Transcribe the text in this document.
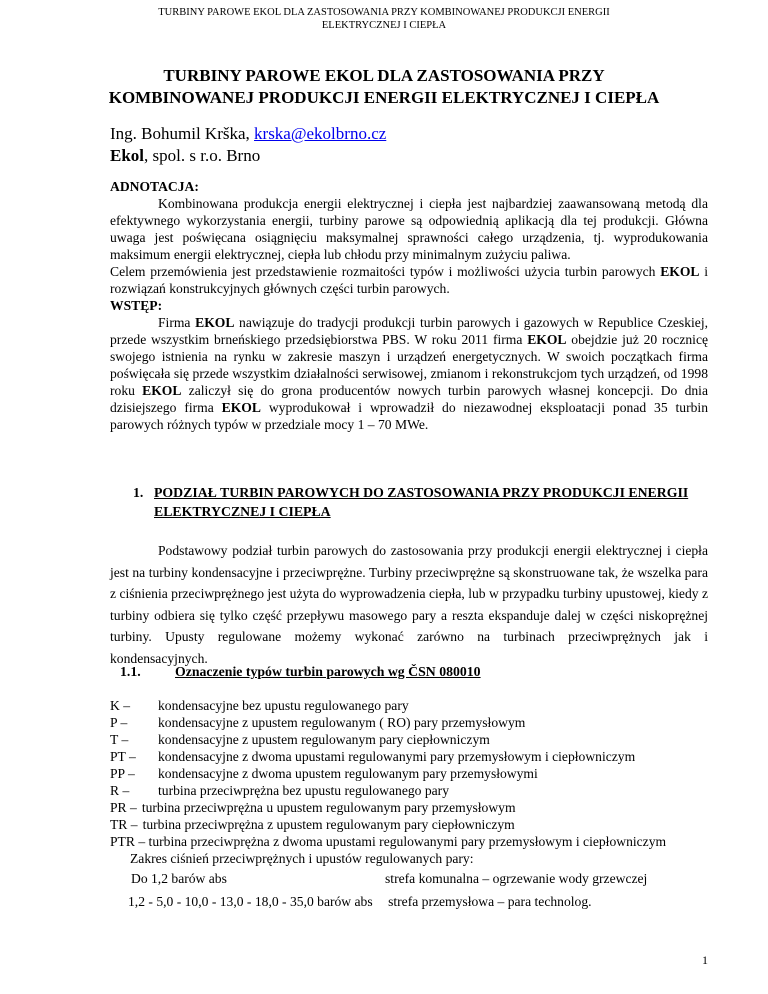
TURBINY PAROWE EKOL DLA ZASTOSOWANIA PRZY KOMBINOWANEJ PRODUKCJI ENERGII
ELEKTRYCZNEJ I CIEPŁA
TURBINY PAROWE EKOL DLA ZASTOSOWANIA PRZY
KOMBINOWANEJ PRODUKCJI ENERGII ELEKTRYCZNEJ I CIEPŁA
Ing. Bohumil Krška, krska@ekolbrno.cz
Ekol, spol. s r.o. Brno
ADNOTACJA:
Kombinowana produkcja energii elektrycznej i ciepła jest najbardziej zaawansowaną metodą dla efektywnego wykorzystania energii, turbiny parowe są odpowiednią aplikacją dla tej produkcji. Główna uwaga jest poświęcana osiągnięciu maksymalnej sprawności całego urządzenia, tj. wyprodukowania maksimum energii elektrycznej, ciepła lub chłodu przy minimalnym zużyciu paliwa.
Celem przemówienia jest przedstawienie rozmaitości typów i możliwości użycia turbin parowych EKOL i rozwiązań konstrukcyjnych głównych części turbin parowych.
WSTĘP:
Firma EKOL nawiązuje do tradycji produkcji turbin parowych i gazowych w Republice Czeskiej, przede wszystkim brneńskiego przedsiębiorstwa PBS. W roku 2011 firma EKOL obejdzie już 20 rocznicę swojego istnienia na rynku w zakresie maszyn i urządzeń energetycznych. W swoich początkach firma poświęcała się przede wszystkim działalności serwisowej, zmianom i rekonstrukcjom tych urządzeń, od 1998 roku EKOL zaliczył się do grona producentów nowych turbin parowych własnej koncepcji. Do dnia dzisiejszego firma EKOL wyprodukował i wprowadził do niezawodnej eksploatacji ponad 35 turbin parowych różnych typów w przedziale mocy 1 – 70 MWe.
1. PODZIAŁ TURBIN PAROWYCH DO ZASTOSOWANIA PRZY PRODUKCJI ENERGII ELEKTRYCZNEJ I CIEPŁA
Podstawowy podział turbin parowych do zastosowania przy produkcji energii elektrycznej i ciepła jest na turbiny kondensacyjne i przeciwprężne. Turbiny przeciwprężne są skonstruowane tak, że wszelka para z ciśnienia przeciwprężnego jest użyta do wyprowadzenia ciepła, lub w przypadku turbiny upustowej, kiedy z turbiny odbiera się tylko część przepływu masowego pary a reszta ekspanduje dalej w części niskoprężnej turbiny. Upusty regulowane możemy wykonać zarówno na turbinach przeciwprężnych jak i kondensacyjnych.
1.1. Oznaczenie typów turbin parowych wg ČSN 080010
K –	kondensacyjne bez upustu regulowanego pary
P –	kondensacyjne z upustem regulowanym ( RO) pary przemysłowym
T –	kondensacyjne z upustem regulowanym pary ciepłowniczym
PT –	kondensacyjne z dwoma upustami regulowanymi pary przemysłowym i ciepłowniczym
PP –	kondensacyjne z dwoma upustem regulowanym pary przemysłowymi
R –	turbina przeciwprężna bez upustu regulowanego pary
PR – turbina przeciwprężna u upustem regulowanym pary przemysłowym
TR – turbina przeciwprężna z upustem regulowanym pary ciepłowniczym
PTR – turbina przeciwprężna z dwoma upustami regulowanymi pary przemysłowym i ciepłowniczym
Zakres ciśnień przeciwprężnych i upustów regulowanych pary:
Do 1,2 barów abs	strefa komunalna – ogrzewanie wody grzewczej
1,2 - 5,0 - 10,0 - 13,0 - 18,0 - 35,0 barów abs strefa przemysłowa – para technolog.
1
